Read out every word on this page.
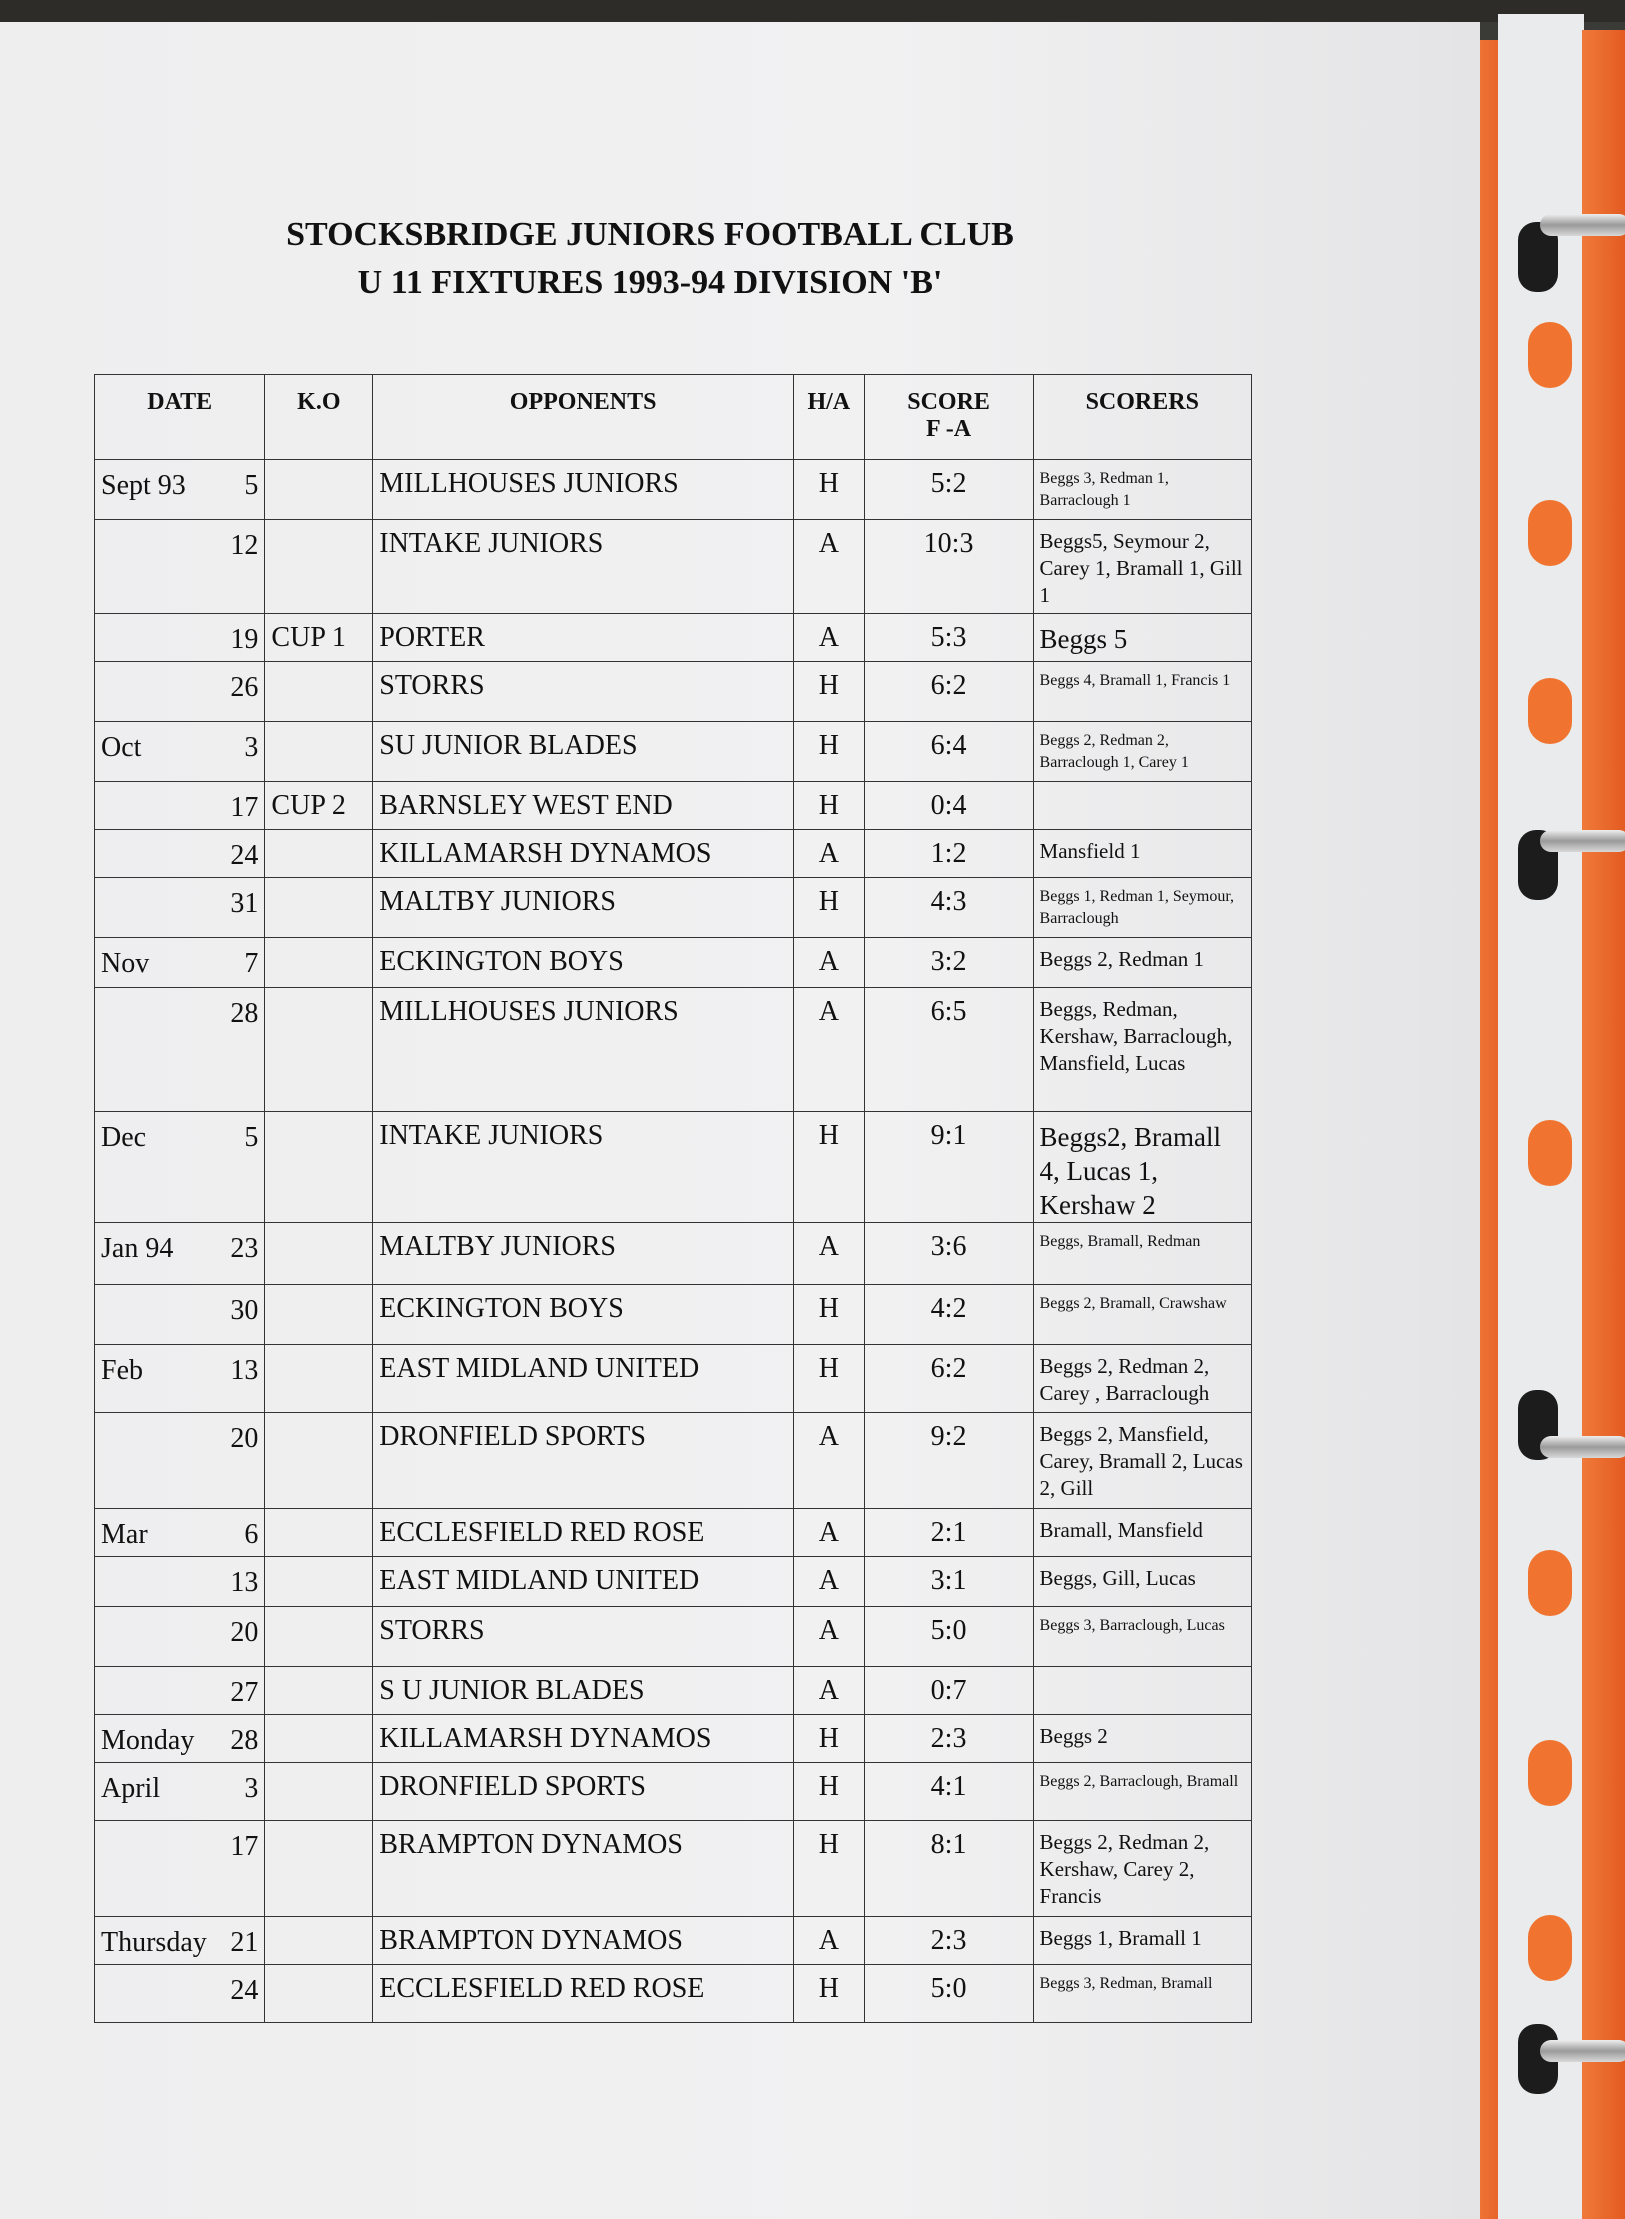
STOCKSBRIDGE JUNIORS FOOTBALL CLUB
U 11 FIXTURES 1993-94 DIVISION 'B'
DATE	K.O	OPPONENTS	H/A	SCORE
F -A	SCORERS

Sept 93 5		MILLHOUSES JUNIORS	H	5:2	Beggs 3, Redman 1, Barraclough 1

12		INTAKE JUNIORS	A	10:3	Beggs5, Seymour 2, Carey 1, Bramall 1, Gill 1

19	CUP 1	PORTER	A	5:3	Beggs 5

26		STORRS	H	6:2	Beggs 4, Bramall 1, Francis 1

Oct 3		SU JUNIOR BLADES	H	6:4	Beggs 2, Redman 2, Barraclough 1, Carey 1

17	CUP 2	BARNSLEY WEST END	H	0:4	

24		KILLAMARSH DYNAMOS	A	1:2	Mansfield 1

31		MALTBY JUNIORS	H	4:3	Beggs 1, Redman 1, Seymour, Barraclough

Nov 7		ECKINGTON BOYS	A	3:2	Beggs 2, Redman 1

28		MILLHOUSES JUNIORS	A	6:5	Beggs, Redman, Kershaw, Barraclough, Mansfield, Lucas

Dec 5		INTAKE JUNIORS	H	9:1	Beggs2, Bramall 4, Lucas 1, Kershaw 2

Jan 94 23		MALTBY JUNIORS	A	3:6	Beggs, Bramall, Redman

30		ECKINGTON BOYS	H	4:2	Beggs 2, Bramall, Crawshaw

Feb 13		EAST MIDLAND UNITED	H	6:2	Beggs 2, Redman 2, Carey , Barraclough

20		DRONFIELD SPORTS	A	9:2	Beggs 2, Mansfield, Carey, Bramall 2, Lucas 2, Gill

Mar 6		ECCLESFIELD RED ROSE	A	2:1	Bramall, Mansfield

13		EAST MIDLAND UNITED	A	3:1	Beggs, Gill, Lucas

20		STORRS	A	5:0	Beggs 3, Barraclough, Lucas

27		S U JUNIOR BLADES	A	0:7	

Monday 28		KILLAMARSH DYNAMOS	H	2:3	Beggs 2

April 3		DRONFIELD SPORTS	H	4:1	Beggs 2, Barraclough, Bramall

17		BRAMPTON DYNAMOS	H	8:1	Beggs 2, Redman 2, Kershaw, Carey 2, Francis

Thursday 21		BRAMPTON DYNAMOS	A	2:3	Beggs 1, Bramall 1

24		ECCLESFIELD RED ROSE	H	5:0	Beggs 3, Redman, Bramall
